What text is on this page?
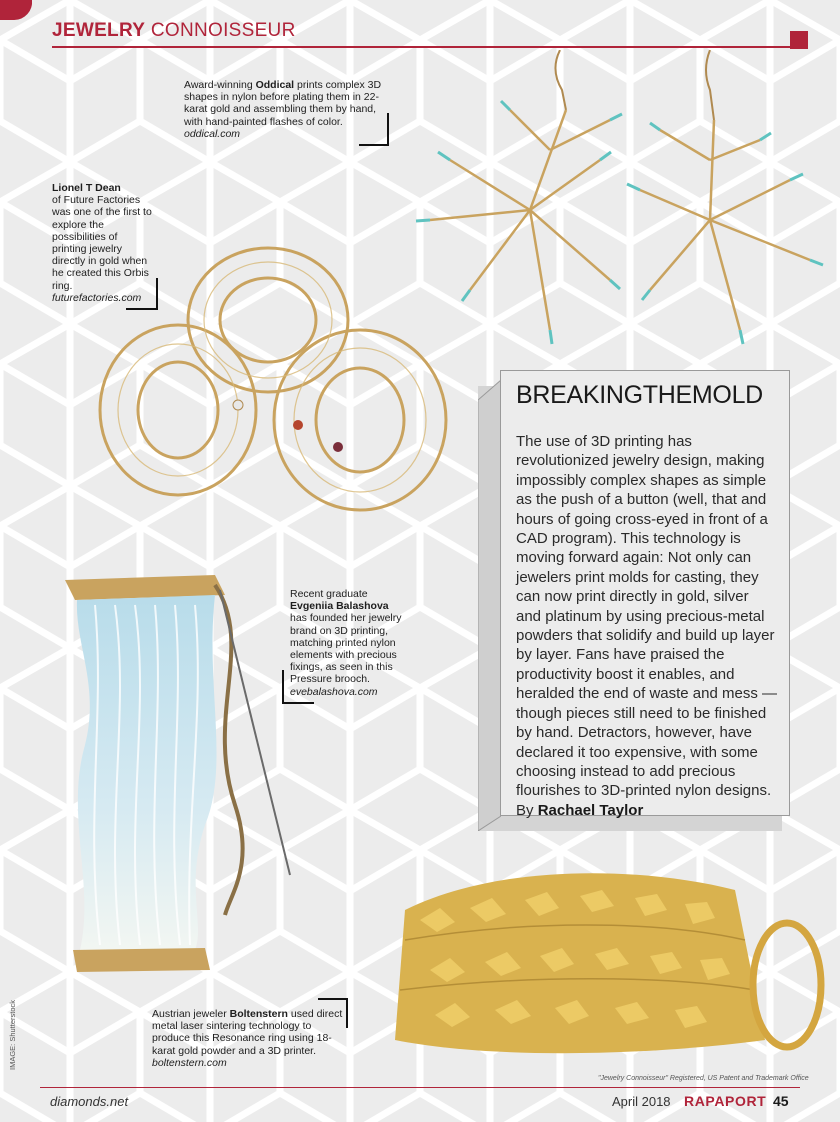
JEWELRY CONNOISSEUR
Award-winning Oddical prints complex 3D shapes in nylon before plating them in 22-karat gold and assembling them by hand, with hand-painted flashes of color.
oddical.com
Lionel T Dean
of Future Factories was one of the first to explore the possibilities of printing jewelry directly in gold when he created this Orbis ring.
futurefactories.com
Recent graduate
Evgeniia Balashova
has founded her jewelry brand on 3D printing, matching printed nylon elements with precious fixings, as seen in this Pressure brooch.
evebalashova.com
Austrian jeweler Boltenstern used direct metal laser sintering technology to produce this Resonance ring using 18-karat gold powder and a 3D printer.
boltenstern.com
BREAKINGTHEMOLD
The use of 3D printing has revolutionized jewelry design, making impossibly complex shapes as simple as the push of a button (well, that and hours of going cross-eyed in front of a CAD program). This technology is moving forward again: Not only can jewelers print molds for casting, they can now print directly in gold, silver and platinum by using precious-metal powders that solidify and build up layer by layer. Fans have praised the productivity boost it enables, and heralded the end of waste and mess — though pieces still need to be finished by hand. Detractors, however, have declared it too expensive, with some choosing instead to add precious flourishes to 3D-printed nylon designs. By Rachael Taylor
IMAGE: Shutterstock
"Jewelry Connoisseur" Registered, US Patent and Trademark Office
diamonds.net	April 2018 RAPAPORT 45
